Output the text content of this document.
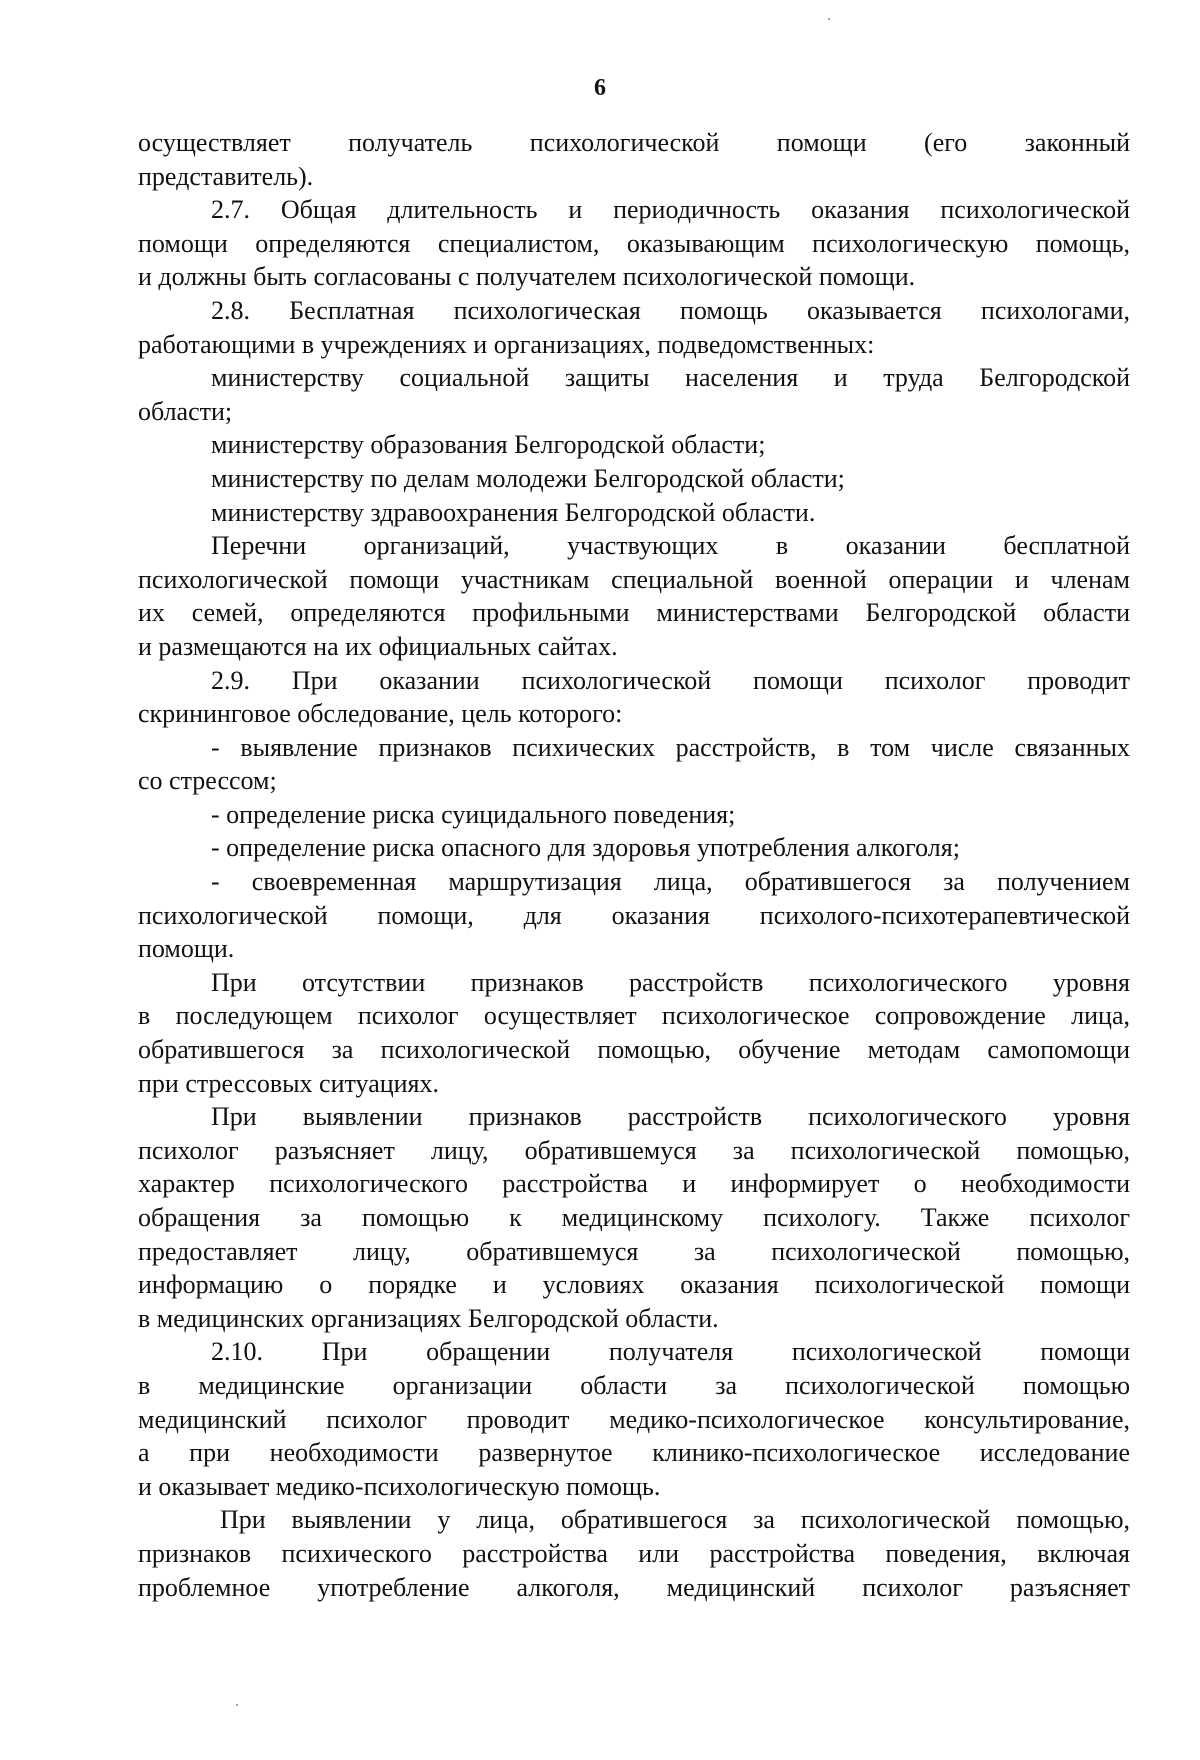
6
осуществляет получатель психологической помощи (его законный
представитель).
2.7. Общая длительность и периодичность оказания психологической
помощи определяются специалистом, оказывающим психологическую помощь,
и должны быть согласованы с получателем психологической помощи.
2.8. Бесплатная психологическая помощь оказывается психологами,
работающими в учреждениях и организациях, подведомственных:
министерству социальной защиты населения и труда Белгородской
области;
министерству образования Белгородской области;
министерству по делам молодежи Белгородской области;
министерству здравоохранения Белгородской области.
Перечни организаций, участвующих в оказании бесплатной
психологической помощи участникам специальной военной операции и членам
их семей, определяются профильными министерствами Белгородской области
и размещаются на их официальных сайтах.
2.9. При оказании психологической помощи психолог проводит
скрининговое обследование, цель которого:
- выявление признаков психических расстройств, в том числе связанных
со стрессом;
- определение риска суицидального поведения;
- определение риска опасного для здоровья употребления алкоголя;
- своевременная маршрутизация лица, обратившегося за получением
психологической помощи, для оказания психолого-психотерапевтической
помощи.
При отсутствии признаков расстройств психологического уровня
в последующем психолог осуществляет психологическое сопровождение лица,
обратившегося за психологической помощью, обучение методам самопомощи
при стрессовых ситуациях.
При выявлении признаков расстройств психологического уровня
психолог разъясняет лицу, обратившемуся за психологической помощью,
характер психологического расстройства и информирует о необходимости
обращения за помощью к медицинскому психологу. Также психолог
предоставляет лицу, обратившемуся за психологической помощью,
информацию о порядке и условиях оказания психологической помощи
в медицинских организациях Белгородской области.
2.10. При обращении получателя психологической помощи
в медицинские организации области за психологической помощью
медицинский психолог проводит медико-психологическое консультирование,
а при необходимости развернутое клинико-психологическое исследование
и оказывает медико-психологическую помощь.
При выявлении у лица, обратившегося за психологической помощью,
признаков психического расстройства или расстройства поведения, включая
проблемное употребление алкоголя, медицинский психолог разъясняет
